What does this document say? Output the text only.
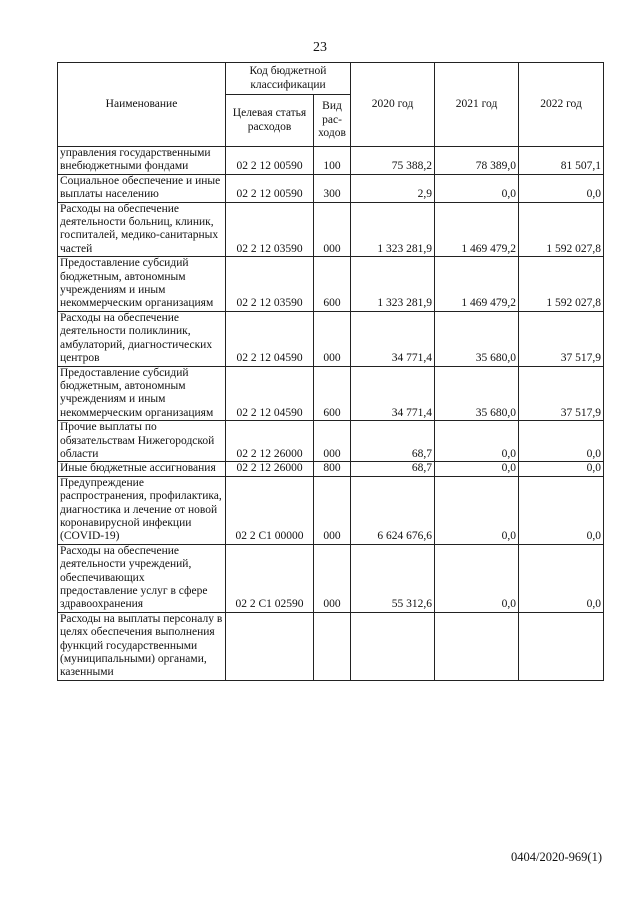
23
Наименование	Код бюджетной классификации		2020 год	2021 год	2022 год
	Целевая статья расходов	Вид рас-ходов			
управления государственными внебюджетными фондами	02 2 12 00590	100	75 388,2	78 389,0	81 507,1
Социальное обеспечение и иные выплаты населению	02 2 12 00590	300	2,9	0,0	0,0
Расходы на обеспечение деятельности больниц, клиник, госпиталей, медико-санитарных частей	02 2 12 03590	000	1 323 281,9	1 469 479,2	1 592 027,8
Предоставление субсидий бюджетным, автономным учреждениям и иным некоммерческим организациям	02 2 12 03590	600	1 323 281,9	1 469 479,2	1 592 027,8
Расходы на обеспечение деятельности поликлиник, амбулаторий, диагностических центров	02 2 12 04590	000	34 771,4	35 680,0	37 517,9
Предоставление субсидий бюджетным, автономным учреждениям и иным некоммерческим организациям	02 2 12 04590	600	34 771,4	35 680,0	37 517,9
Прочие выплаты по обязательствам Нижегородской области	02 2 12 26000	000	68,7	0,0	0,0
Иные бюджетные ассигнования	02 2 12 26000	800	68,7	0,0	0,0
Предупреждение распространения, профилактика, диагностика и лечение от новой коронавирусной инфекции (COVID-19)	02 2 C1 00000	000	6 624 676,6	0,0	0,0
Расходы на обеспечение деятельности учреждений, обеспечивающих предоставление услуг в сфере здравоохранения	02 2 C1 02590	000	55 312,6	0,0	0,0
Расходы на выплаты персоналу в целях обеспечения выполнения функций государственными (муниципальными) органами, казенными					
0404/2020-969(1)
